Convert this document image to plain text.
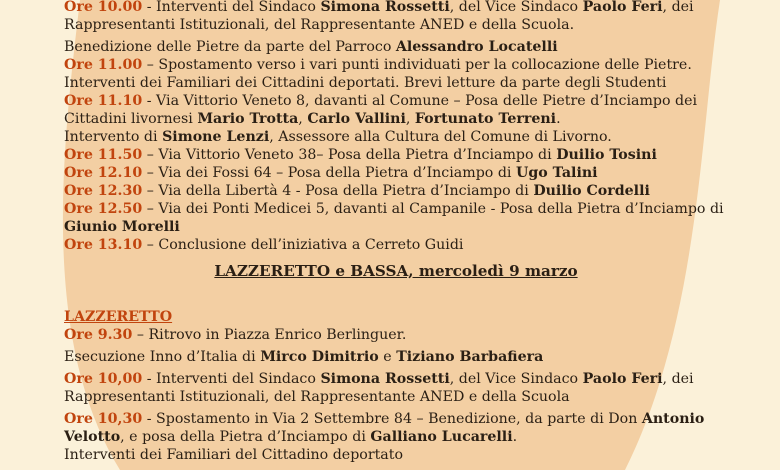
Ore 10.00 - Interventi del Sindaco Simona Rossetti, del Vice Sindaco Paolo Feri, dei
Rappresentanti Istituzionali, del Rappresentante ANED e della Scuola.
Benedizione delle Pietre da parte del Parroco Alessandro Locatelli
Ore 11.00 – Spostamento verso i vari punti individuati per la collocazione delle Pietre.
Interventi dei Familiari dei Cittadini deportati. Brevi letture da parte degli Studenti
Ore 11.10 - Via Vittorio Veneto 8, davanti al Comune – Posa delle Pietre d’Inciampo dei
Cittadini livornesi Mario Trotta, Carlo Vallini, Fortunato Terreni.
Intervento di Simone Lenzi, Assessore alla Cultura del Comune di Livorno.
Ore 11.50 – Via Vittorio Veneto 38– Posa della Pietra d’Inciampo di Duilio Tosini
Ore 12.10 – Via dei Fossi 64 – Posa della Pietra d’Inciampo di Ugo Talini
Ore 12.30 – Via della Libertà 4 - Posa della Pietra d’Inciampo di Duilio Cordelli
Ore 12.50 – Via dei Ponti Medicei 5, davanti al Campanile - Posa della Pietra d’Inciampo di
Giunio Morelli
Ore 13.10 – Conclusione dell’iniziativa a Cerreto Guidi
LAZZERETTO e BASSA, mercoledì 9 marzo
LAZZERETTO
Ore 9.30 – Ritrovo in Piazza Enrico Berlinguer.
Esecuzione Inno d’Italia di Mirco Dimitrio e Tiziano Barbafiera
Ore 10,00 - Interventi del Sindaco Simona Rossetti, del Vice Sindaco Paolo Feri, dei
Rappresentanti Istituzionali, del Rappresentante ANED e della Scuola
Ore 10,30 - Spostamento in Via 2 Settembre 84 – Benedizione, da parte di Don Antonio
Velotto, e posa della Pietra d’Inciampo di Galliano Lucarelli.
Interventi dei Familiari del Cittadino deportato
